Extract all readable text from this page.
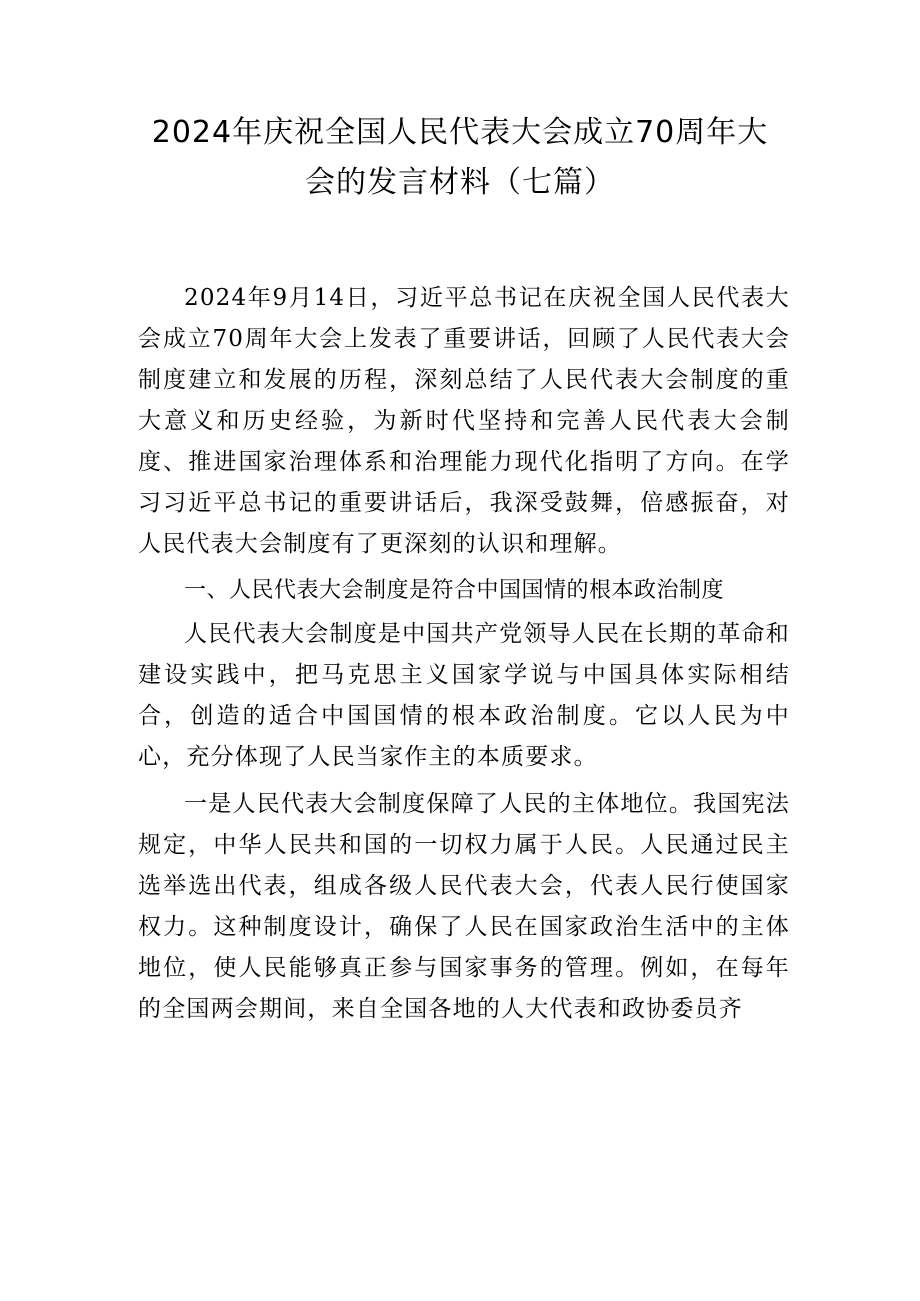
2024年庆祝全国人民代表大会成立70周年大
会的发言材料（七篇）

2024年9月14日，习近平总书记在庆祝全国人民代表大会成立70周年大会上发表了重要讲话，回顾了人民代表大会制度建立和发展的历程，深刻总结了人民代表大会制度的重大意义和历史经验，为新时代坚持和完善人民代表大会制度、推进国家治理体系和治理能力现代化指明了方向。在学习习近平总书记的重要讲话后，我深受鼓舞，倍感振奋，对人民代表大会制度有了更深刻的认识和理解。

一、人民代表大会制度是符合中国国情的根本政治制度

人民代表大会制度是中国共产党领导人民在长期的革命和建设实践中，把马克思主义国家学说与中国具体实际相结合，创造的适合中国国情的根本政治制度。它以人民为中心，充分体现了人民当家作主的本质要求。

一是人民代表大会制度保障了人民的主体地位。我国宪法规定，中华人民共和国的一切权力属于人民。人民通过民主选举选出代表，组成各级人民代表大会，代表人民行使国家权力。这种制度设计，确保了人民在国家政治生活中的主体地位，使人民能够真正参与国家事务的管理。例如，在每年的全国两会期间，来自全国各地的人大代表和政协委员齐
